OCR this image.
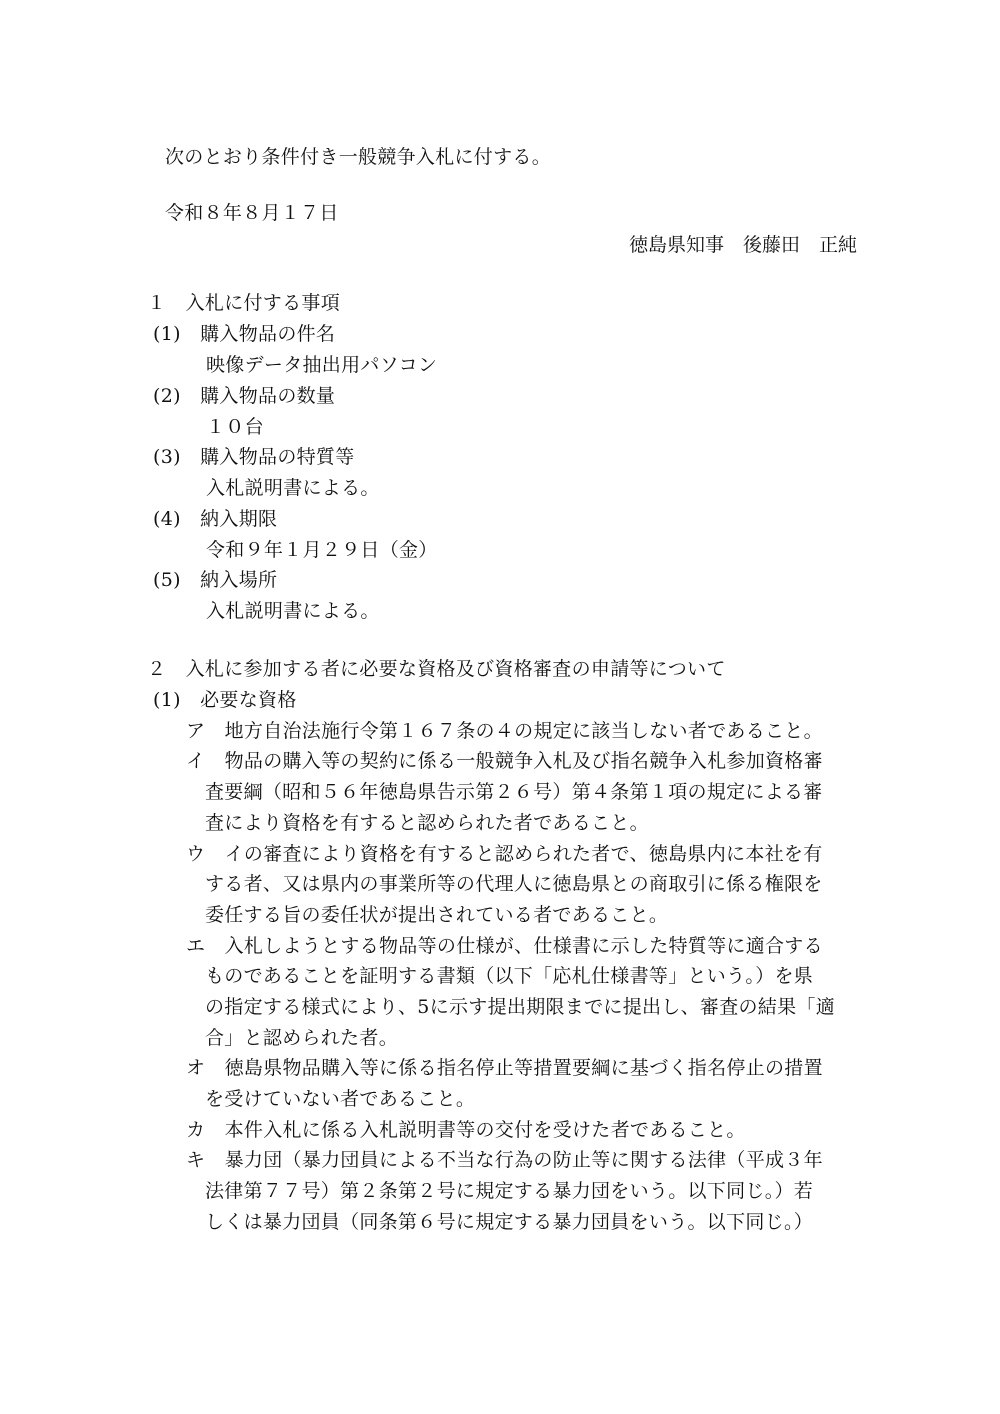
次のとおり条件付き一般競争入札に付する。
令和８年８月１７日
徳島県知事　後藤田　正純
１　入札に付する事項
(1)　購入物品の件名
映像データ抽出用パソコン
(2)　購入物品の数量
１０台
(3)　購入物品の特質等
入札説明書による。
(4)　納入期限
令和９年１月２９日（金）
(5)　納入場所
入札説明書による。
２　入札に参加する者に必要な資格及び資格審査の申請等について
(1)　必要な資格
ア　地方自治法施行令第１６７条の４の規定に該当しない者であること。
イ　物品の購入等の契約に係る一般競争入札及び指名競争入札参加資格審
査要綱（昭和５６年徳島県告示第２６号）第４条第１項の規定による審
査により資格を有すると認められた者であること。
ウ　イの審査により資格を有すると認められた者で、徳島県内に本社を有
する者、又は県内の事業所等の代理人に徳島県との商取引に係る権限を
委任する旨の委任状が提出されている者であること。
エ　入札しようとする物品等の仕様が、仕様書に示した特質等に適合する
ものであることを証明する書類（以下「応札仕様書等」という。）を県
の指定する様式により、5に示す提出期限までに提出し、審査の結果「適
合」と認められた者。
オ　徳島県物品購入等に係る指名停止等措置要綱に基づく指名停止の措置
を受けていない者であること。
カ　本件入札に係る入札説明書等の交付を受けた者であること。
キ　暴力団（暴力団員による不当な行為の防止等に関する法律（平成３年
法律第７７号）第２条第２号に規定する暴力団をいう。以下同じ。）若
しくは暴力団員（同条第６号に規定する暴力団員をいう。以下同じ。）
